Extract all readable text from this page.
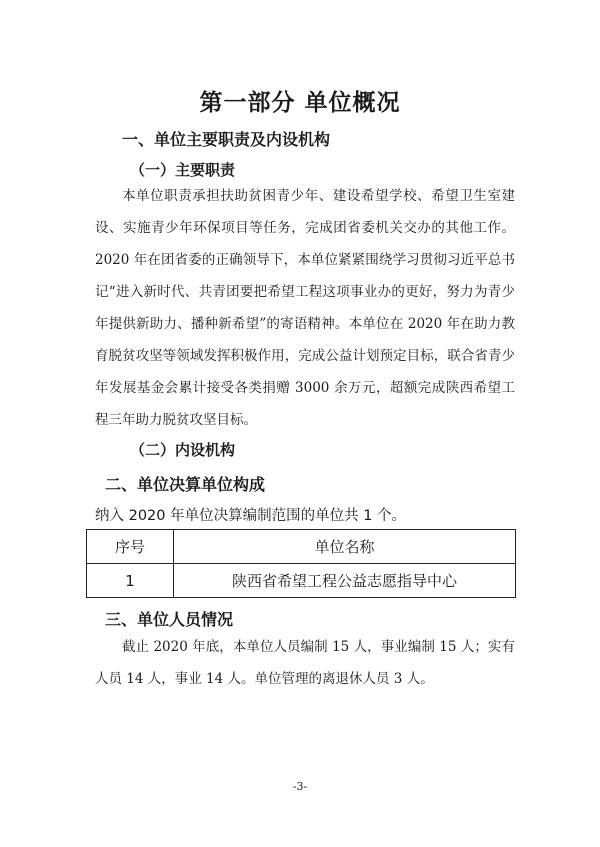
第一部分 单位概况
一、单位主要职责及内设机构
（一）主要职责
本单位职责承担扶助贫困青少年、建设希望学校、希望卫生室建设、实施青少年环保项目等任务，完成团省委机关交办的其他工作。2020 年在团省委的正确领导下，本单位紧紧围绕学习贯彻习近平总书记“进入新时代、共青团要把希望工程这项事业办的更好，努力为青少年提供新助力、播种新希望”的寄语精神。本单位在 2020 年在助力教育脱贫攻坚等领域发挥积极作用，完成公益计划预定目标，联合省青少年发展基金会累计接受各类捐赠 3000 余万元，超额完成陕西希望工程三年助力脱贫攻坚目标。
（二）内设机构
二、单位决算单位构成
纳入 2020 年单位决算编制范围的单位共 1 个。
序号	单位名称
1	陕西省希望工程公益志愿指导中心
三、单位人员情况
截止 2020 年底，本单位人员编制 15 人，事业编制 15 人；实有人员 14 人，事业 14 人。单位管理的离退休人员 3 人。
-3-
